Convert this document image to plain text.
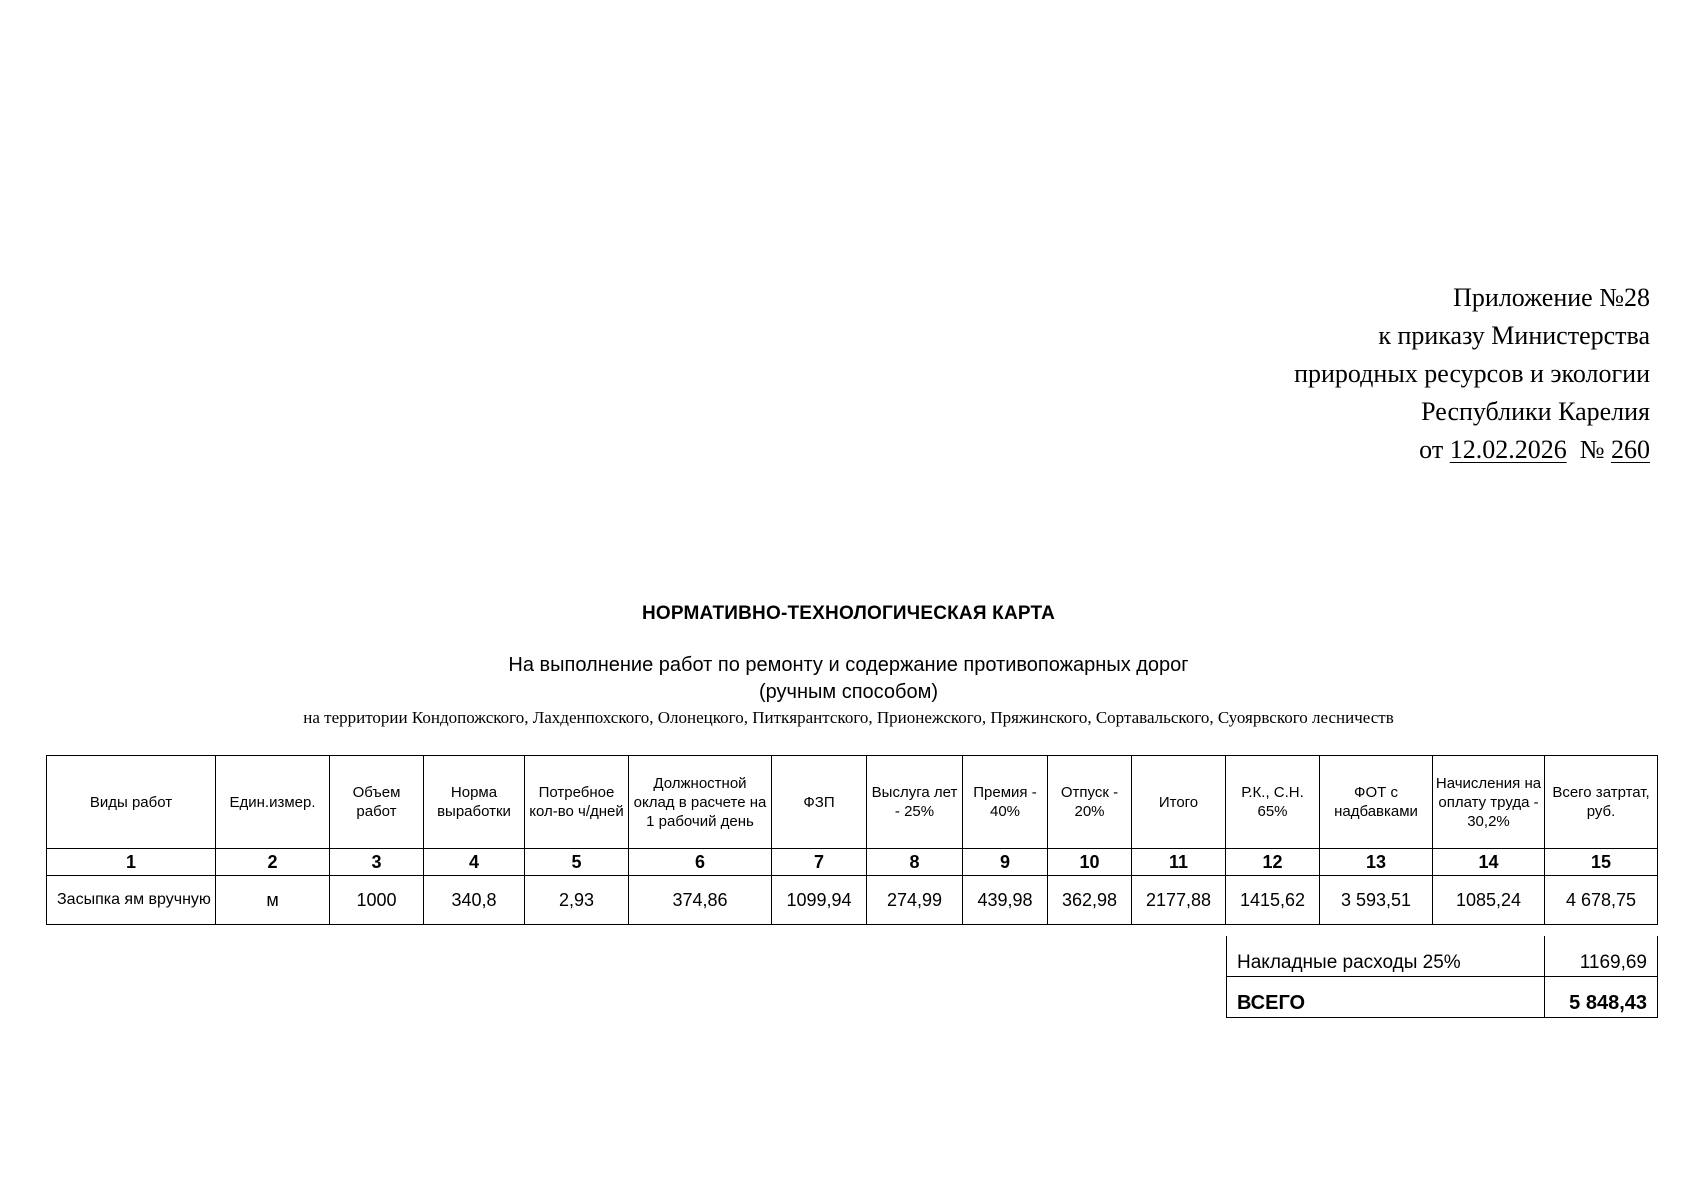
Приложение №28
к приказу Министерства
природных ресурсов и экологии
Республики Карелия
от 12.02.2026 № 260
НОРМАТИВНО-ТЕХНОЛОГИЧЕСКАЯ КАРТА
На выполнение работ по ремонту и содержание противопожарных дорог
(ручным способом)
на территории Кондопожского, Лахденпохского, Олонецкого, Питкярантского, Прионежского, Пряжинского, Сортавальского, Суоярвского лесничеств
Виды работ	Един.измер.	Объем работ	Норма выработки	Потребное кол-во ч/дней	Должностной оклад в расчете на 1 рабочий день	ФЗП	Выслуга лет - 25%	Премия - 40%	Отпуск - 20%	Итого	Р.К., С.Н. 65%	ФОТ с надбавками	Начисления на оплату труда - 30,2%	Всего затртат, руб.
1	2	3	4	5	6	7	8	9	10	11	12	13	14	15
Засыпка ям вручную	м	1000	340,8	2,93	374,86	1099,94	274,99	439,98	362,98	2177,88	1415,62	3 593,51	1085,24	4 678,75
Накладные расходы 25%	1169,69
ВСЕГО	5 848,43
